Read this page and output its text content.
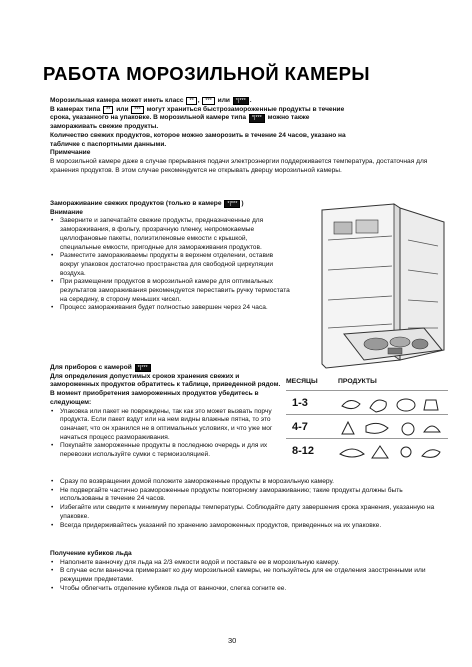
РАБОТА МОРОЗИЛЬНОЙ КАМЕРЫ

Морозильная камера может иметь класс ** , *** или *|*** .

В камерах типа ** или *** могут храниться быстрозамороженные продукты в течение

срока, указанного на упаковке. В морозильной камере типа *|*** можно также

замораживать свежие продукты.

Количество свежих продуктов, которое можно заморозить в течение 24 часов, указано на

табличке с паспортными данными.

Примечание

В морозильной камере даже в случае прерывания подачи электроэнергии поддерживается температура, достаточная для хранения продуктов. В этом случае рекомендуется не открывать дверцу морозильной камеры.

Замораживание свежих продуктов (только в камере *|*** )

Внимание

• Заверните и запечатайте свежие продукты, предназначенные для замораживания, в фольгу, прозрачную пленку, непромокаемые целлофановые пакеты, полиэтиленовые емкости с крышкой, специальные емкости, пригодные для замораживания продуктов.
• Разместите замораживаемы продукты в верхнем отделении, оставив вокруг упаковок достаточно пространства для свободной циркуляции воздуха.
• При размещении продуктов в морозильной камере для оптимальных результатов замораживания рекомендуется переставить ручку термостата на середину, в сторону меньших чисел.
• Процесс замораживания будет полностью завершен через 24 часа.

Для приборов с камерой *|***

Для определения допустимых сроков хранения свежих и замороженных продуктов обратитесь к таблице, приведенной рядом.

В момент приобретения замороженных продуктов убедитесь в следующем:

• Упаковка или пакет не повреждены, так как это может вызвать порчу продукта. Если пакет вздут или на нем видны влажные пятна, то это означает, что он хранился не в оптимальных условиях, и что уже мог начаться процесс размораживания.
• Покупайте замороженные продукты в последнюю очередь и для их перевозки используйте сумки с термоизоляцией.
• Сразу по возвращении домой положите замороженные продукты в морозильную камеру.
• Не подвергайте частично размороженные продукты повторному замораживанию; такие продукты должны быть использованы в течение 24 часов.
• Избегайте или сведите к минимуму перепады температуры. Соблюдайте дату завершения срока хранения, указанную на упаковке.
• Всегда придерживайтесь указаний по хранению замороженных продуктов, приведенных на их упаковке.
МЕСЯЦЫ	ПРОДУКТЫ
1-3
4-7
8-12

Получение кубиков льда

• Наполните ванночку для льда на 2/3 емкости водой и поставьте ее в морозильную камеру.
• В случае если ванночка примерзает ко дну морозильной камеры, не пользуйтесь для ее отделения заостренными или режущими предметами.
• Чтобы облегчить отделение кубиков льда от ванночки, слегка согните ее.
30
